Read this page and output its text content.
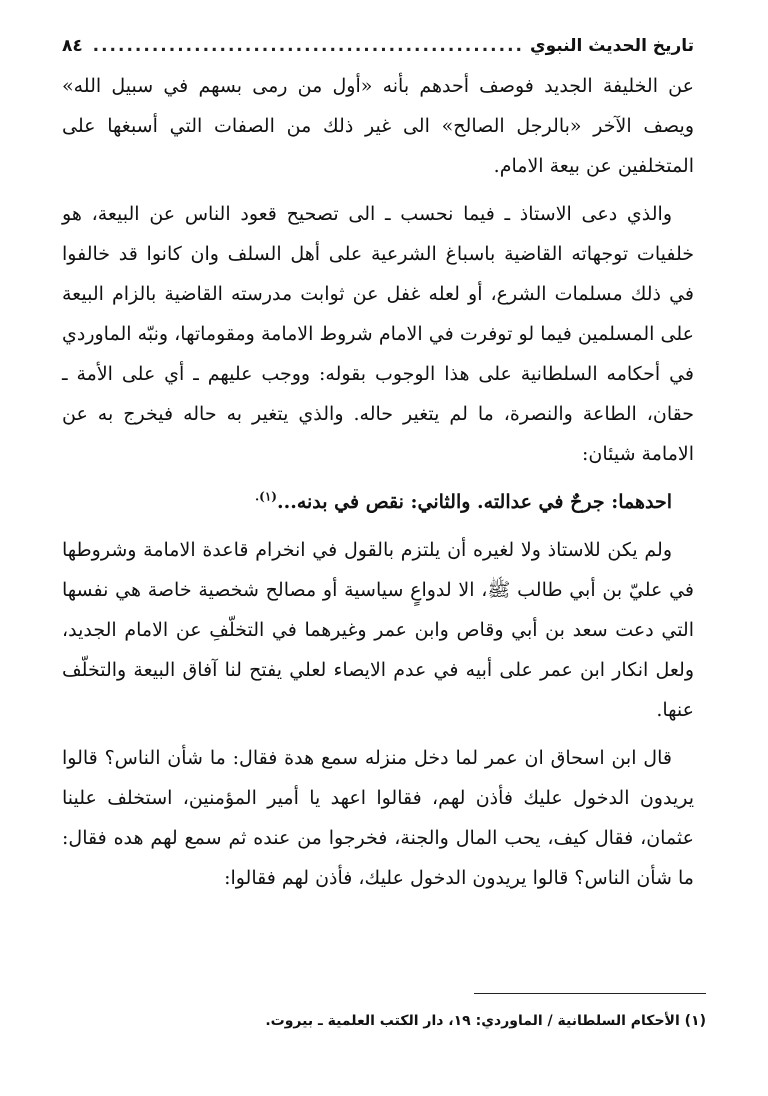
تاريخ الحديث النبوي
...................................................
٨٤

عن الخليفة الجديد فوصف أحدهم بأنه «أول من رمى بسهم في سبيل الله» ويصف الآخر «بالرجل الصالح» الى غير ذلك من الصفات التي أسبغها على المتخلفين عن بيعة الامام.

والذي دعى الاستاذ ـ فيما نحسب ـ الى تصحيح قعود الناس عن البيعة، هو خلفيات توجهاته القاضية باسباغ الشرعية على أهل السلف وان كانوا قد خالفوا في ذلك مسلمات الشرع، أو لعله غفل عن ثوابت مدرسته القاضية بالزام البيعة على المسلمين فيما لو توفرت في الامام شروط الامامة ومقوماتها، ونبّه الماوردي في أحكامه السلطانية على هذا الوجوب بقوله: ووجب عليهم ـ أي على الأمة ـ حقان، الطاعة والنصرة، ما لم يتغير حاله. والذي يتغير به حاله فيخرج به عن الامامة شيئان:

احدهما: جرحٌ في عدالته. والثاني: نقص في بدنه...$^{(١).}$

ولم يكن للاستاذ ولا لغيره أن يلتزم بالقول في انخرام قاعدة الامامة وشروطها في عليّ بن أبي طالب ﷺ، الا لدواعٍ سياسية أو مصالح شخصية خاصة هي نفسها التي دعت سعد بن أبي وقاص وابن عمر وغيرهما في التخلّفِ عن الامام الجديد، ولعل انكار ابن عمر على أبيه في عدم الايصاء لعلي يفتح لنا آفاق البيعة والتخلّف عنها.

قال ابن اسحاق ان عمر لما دخل منزله سمع هدة فقال: ما شأن الناس؟ قالوا يريدون الدخول عليك فأذن لهم، فقالوا اعهد يا أمير المؤمنين، استخلف علينا عثمان، فقال كيف، يحب المال والجنة، فخرجوا من عنده ثم سمع لهم هده فقال: ما شأن الناس؟ قالوا يريدون الدخول عليك، فأذن لهم فقالوا:

(١) الأحكام السلطانية / الماوردي: ١٩، دار الكتب العلمية ـ بيروت.
